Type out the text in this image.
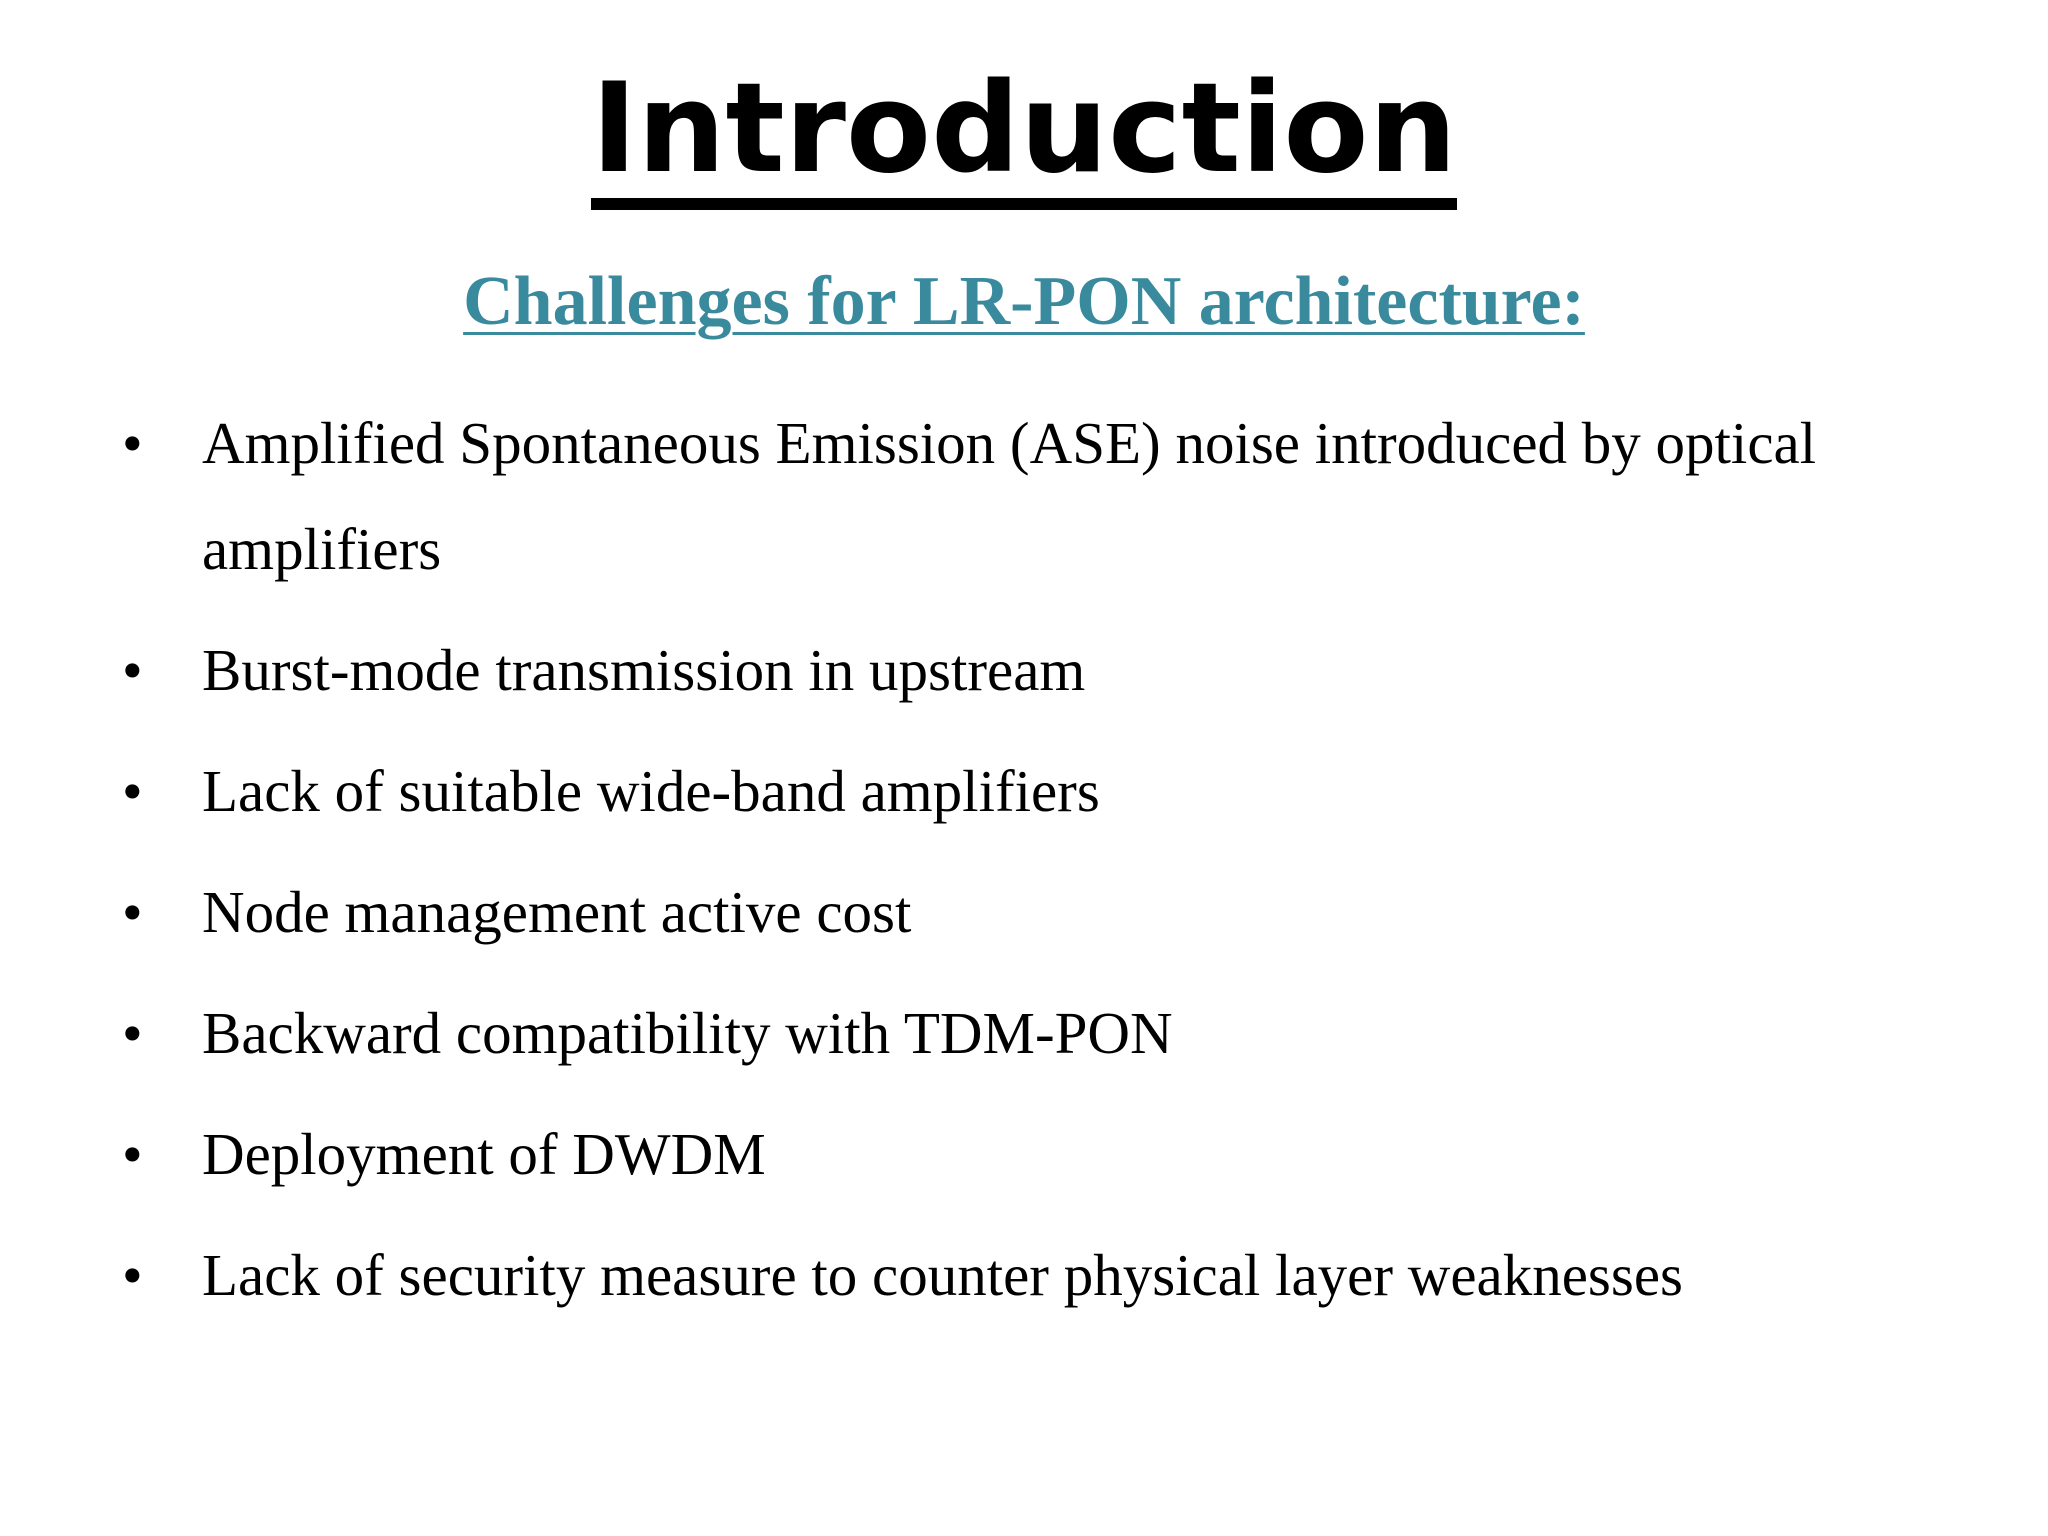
Introduction
Challenges for LR-PON architecture:
• Amplified Spontaneous Emission (ASE) noise introduced by optical amplifiers
• Burst-mode transmission in upstream
• Lack of suitable wide-band amplifiers
• Node management active cost
• Backward compatibility with TDM-PON
• Deployment of DWDM
• Lack of security measure to counter physical layer weaknesses
